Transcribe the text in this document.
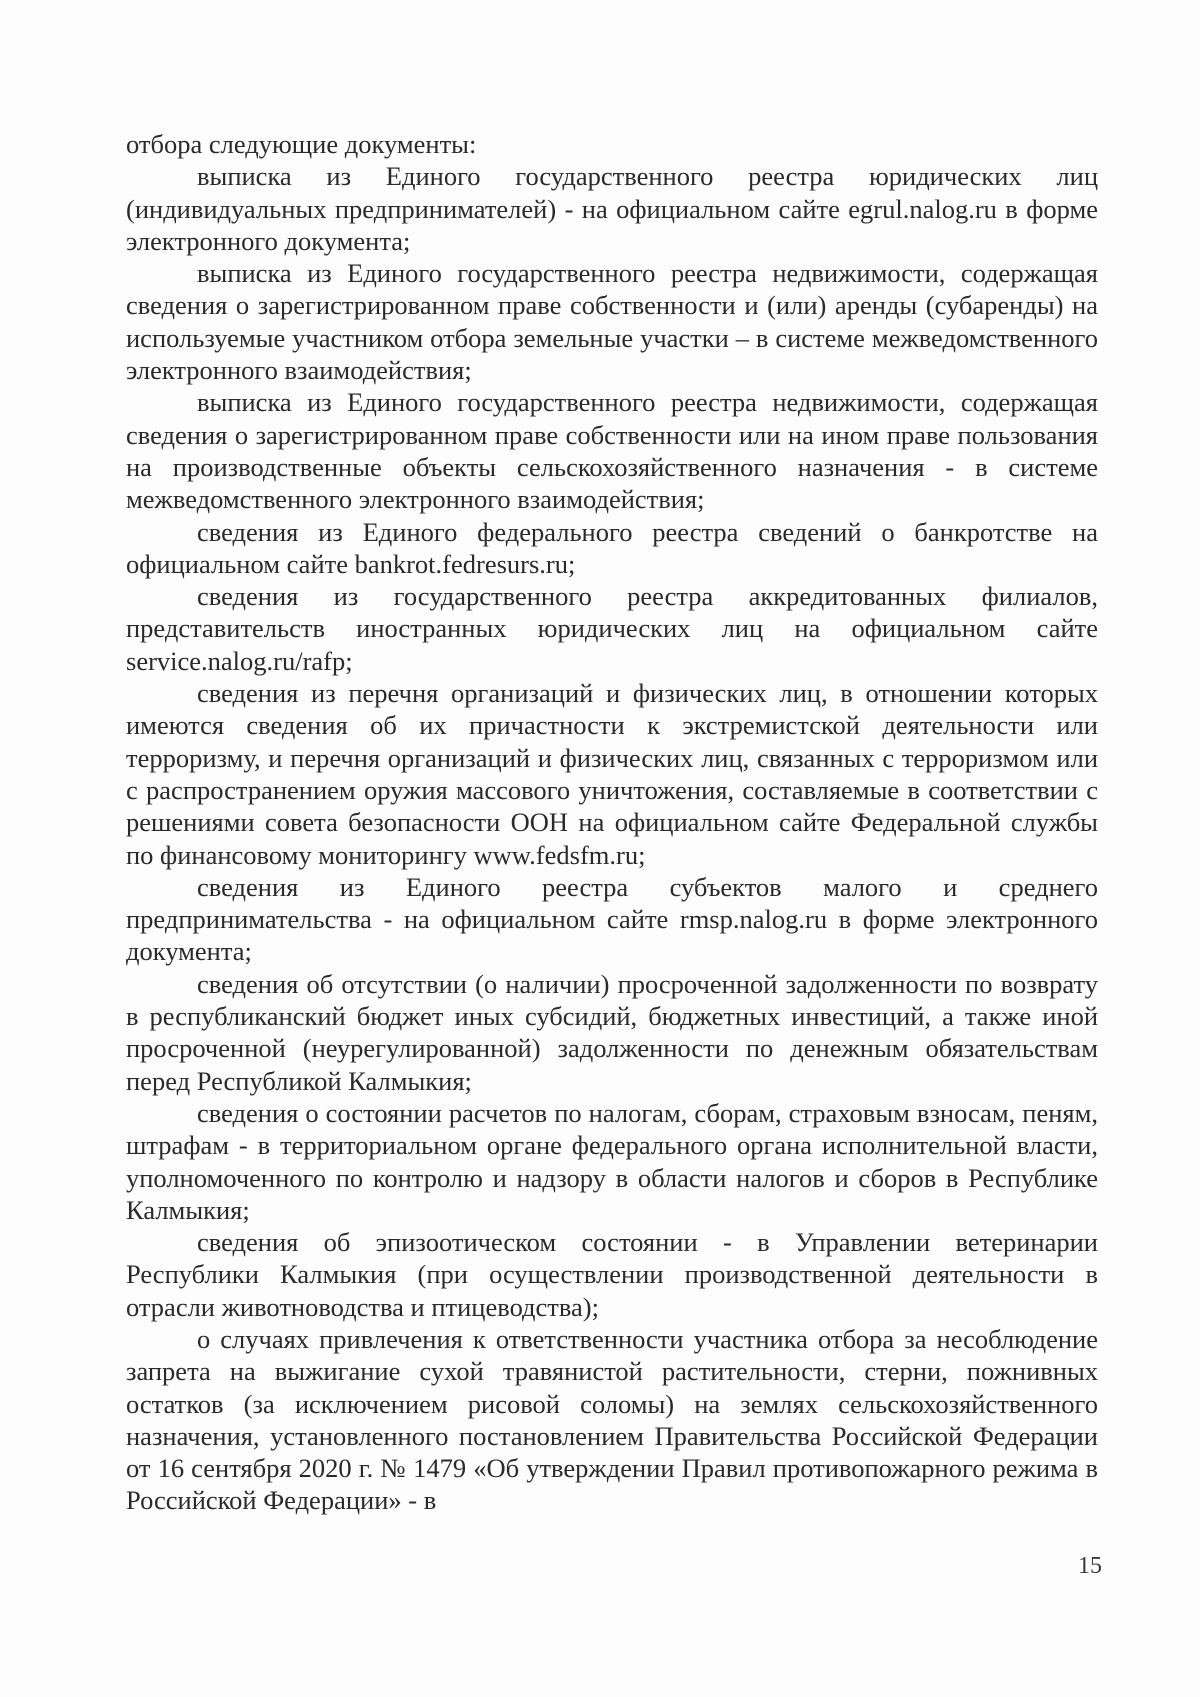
отбора следующие документы:

выписка из Единого государственного реестра юридических лиц (индивидуальных предпринимателей) - на официальном сайте egrul.nalog.ru в форме электронного документа;

выписка из Единого государственного реестра недвижимости, содержащая сведения о зарегистрированном праве собственности и (или) аренды (субаренды) на используемые участником отбора земельные участки – в системе межведомственного электронного взаимодействия;

выписка из Единого государственного реестра недвижимости, содержащая сведения о зарегистрированном праве собственности или на ином праве пользования на производственные объекты сельскохозяйственного назначения - в системе межведомственного электронного взаимодействия;

сведения из Единого федерального реестра сведений о банкротстве на официальном сайте bankrot.fedresurs.ru;

сведения из государственного реестра аккредитованных филиалов, представительств иностранных юридических лиц на официальном сайте service.nalog.ru/rafp;

сведения из перечня организаций и физических лиц, в отношении которых имеются сведения об их причастности к экстремистской деятельности или терроризму, и перечня организаций и физических лиц, связанных с терроризмом или с распространением оружия массового уничтожения, составляемые в соответствии с решениями совета безопасности ООН на официальном сайте Федеральной службы по финансовому мониторингу www.fedsfm.ru;

сведения из Единого реестра субъектов малого и среднего предпринимательства - на официальном сайте rmsp.nalog.ru в форме электронного документа;

сведения об отсутствии (о наличии) просроченной задолженности по возврату в республиканский бюджет иных субсидий, бюджетных инвестиций, а также иной просроченной (неурегулированной) задолженности по денежным обязательствам перед Республикой Калмыкия;

сведения о состоянии расчетов по налогам, сборам, страховым взносам, пеням, штрафам - в территориальном органе федерального органа исполнительной власти, уполномоченного по контролю и надзору в области налогов и сборов в Республике Калмыкия;

сведения об эпизоотическом состоянии - в Управлении ветеринарии Республики Калмыкия (при осуществлении производственной деятельности в отрасли животноводства и птицеводства);

о случаях привлечения к ответственности участника отбора за несоблюдение запрета на выжигание сухой травянистой растительности, стерни, пожнивных остатков (за исключением рисовой соломы) на землях сельскохозяйственного назначения, установленного постановлением Правительства Российской Федерации от 16 сентября 2020 г. № 1479 «Об утверждении Правил противопожарного режима в Российской Федерации» - в

15
